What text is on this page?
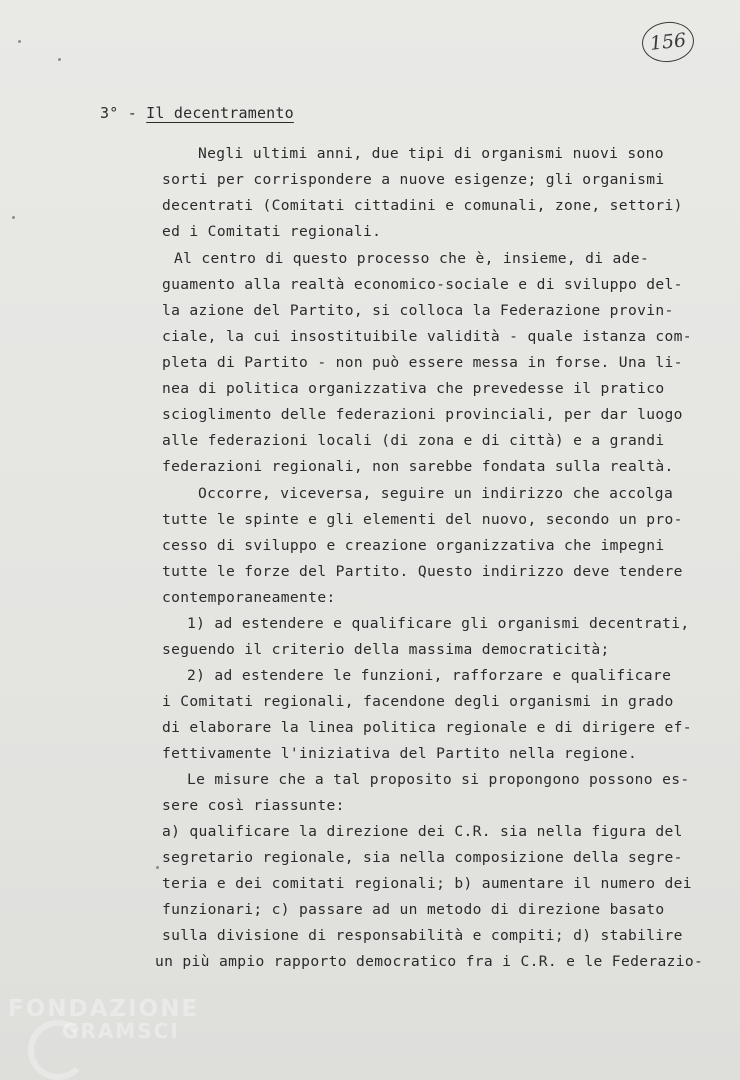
156
3° - Il decentramento
Negli ultimi anni, due tipi di organismi nuovi sono
sorti per corrispondere a nuove esigenze; gli organismi
decentrati (Comitati cittadini e comunali, zone, settori)
ed i Comitati regionali.
Al centro di questo processo che è, insieme, di ade-
guamento alla realtà economico-sociale e di sviluppo del-
la azione del Partito, si colloca la Federazione provin-
ciale, la cui insostituibile validità - quale istanza com-
pleta di Partito - non può essere messa in forse. Una li-
nea di politica organizzativa che prevedesse il pratico
scioglimento delle federazioni provinciali, per dar luogo
alle federazioni locali (di zona e di città) e a grandi
federazioni regionali, non sarebbe fondata sulla realtà.
Occorre, viceversa, seguire un indirizzo che accolga
tutte le spinte e gli elementi del nuovo, secondo un pro-
cesso di sviluppo e creazione organizzativa che impegni
tutte le forze del Partito. Questo indirizzo deve tendere
contemporaneamente:
1) ad estendere e qualificare gli organismi decentrati,
seguendo il criterio della massima democraticità;
2) ad estendere le funzioni, rafforzare e qualificare
i Comitati regionali, facendone degli organismi in grado
di elaborare la linea politica regionale e di dirigere ef-
fettivamente l'iniziativa del Partito nella regione.
Le misure che a tal proposito si propongono possono es-
sere così riassunte:
a) qualificare la direzione dei C.R. sia nella figura del
segretario regionale, sia nella composizione della segre-
teria e dei comitati regionali; b) aumentare il numero dei
funzionari; c) passare ad un metodo di direzione basato
sulla divisione di responsabilità e compiti; d) stabilire
un più ampio rapporto democratico fra i C.R. e le Federazio-
FONDAZIONE
GRAMSCI
